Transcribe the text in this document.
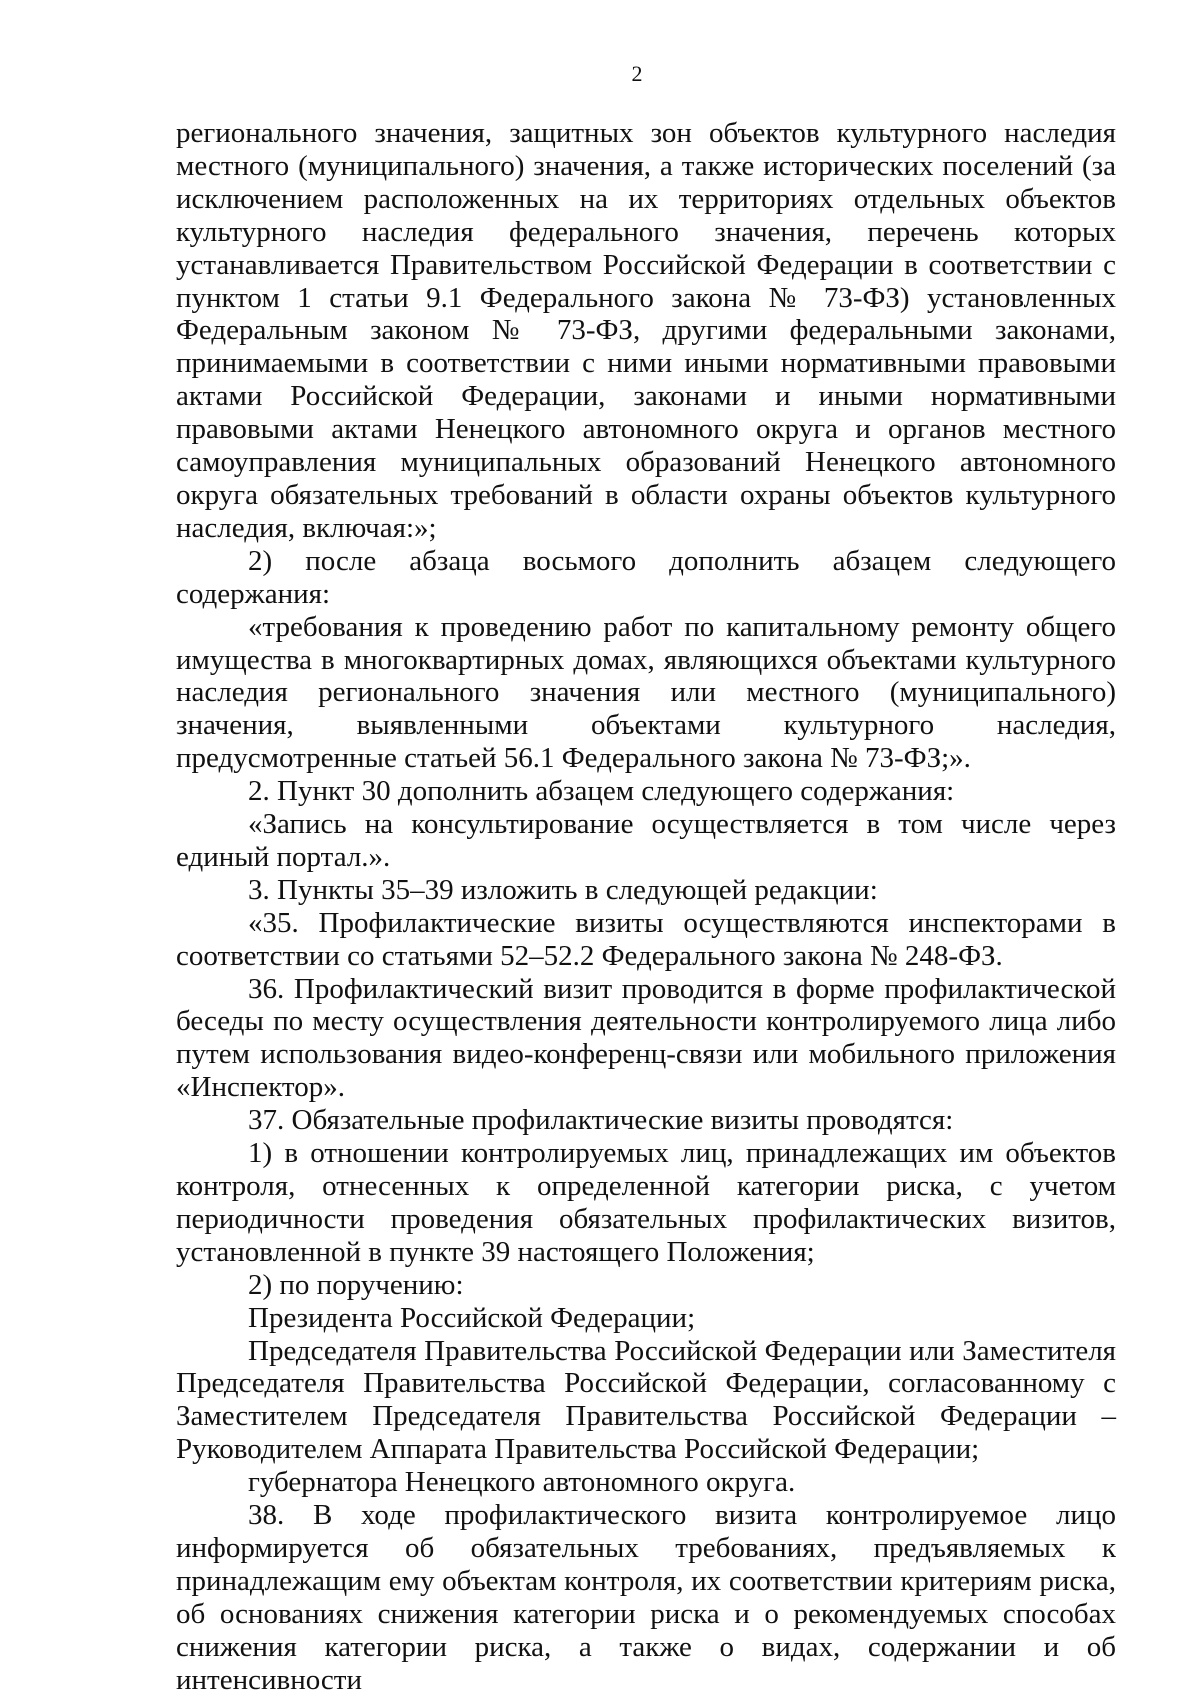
2

регионального значения, защитных зон объектов культурного наследия местного (муниципального) значения, а также исторических поселений (за исключением расположенных на их территориях отдельных объектов культурного наследия федерального значения, перечень которых устанавливается Правительством Российской Федерации в соответствии с пунктом 1 статьи 9.1 Федерального закона № 73-ФЗ) установленных Федеральным законом № 73-ФЗ, другими федеральными законами, принимаемыми в соответствии с ними иными нормативными правовыми актами Российской Федерации, законами и иными нормативными правовыми актами Ненецкого автономного округа и органов местного самоуправления муниципальных образований Ненецкого автономного округа обязательных требований в области охраны объектов культурного наследия, включая:»;

2) после абзаца восьмого дополнить абзацем следующего содержания:

«требования к проведению работ по капитальному ремонту общего имущества в многоквартирных домах, являющихся объектами культурного наследия регионального значения или местного (муниципального) значения, выявленными объектами культурного наследия, предусмотренные статьей 56.1 Федерального закона № 73-ФЗ;».

2. Пункт 30 дополнить абзацем следующего содержания:

«Запись на консультирование осуществляется в том числе через единый портал.».

3. Пункты 35–39 изложить в следующей редакции:

«35. Профилактические визиты осуществляются инспекторами в соответствии со статьями 52–52.2 Федерального закона № 248-ФЗ.

36. Профилактический визит проводится в форме профилактической беседы по месту осуществления деятельности контролируемого лица либо путем использования видео-конференц-связи или мобильного приложения «Инспектор».

37. Обязательные профилактические визиты проводятся:

1) в отношении контролируемых лиц, принадлежащих им объектов контроля, отнесенных к определенной категории риска, с учетом периодичности проведения обязательных профилактических визитов, установленной в пункте 39 настоящего Положения;

2) по поручению:

Президента Российской Федерации;

Председателя Правительства Российской Федерации или Заместителя Председателя Правительства Российской Федерации, согласованному с Заместителем Председателя Правительства Российской Федерации – Руководителем Аппарата Правительства Российской Федерации;

губернатора Ненецкого автономного округа.

38. В ходе профилактического визита контролируемое лицо информируется об обязательных требованиях, предъявляемых к принадлежащим ему объектам контроля, их соответствии критериям риска, об основаниях снижения категории риска и о рекомендуемых способах снижения категории риска, а также о видах, содержании и об интенсивности
